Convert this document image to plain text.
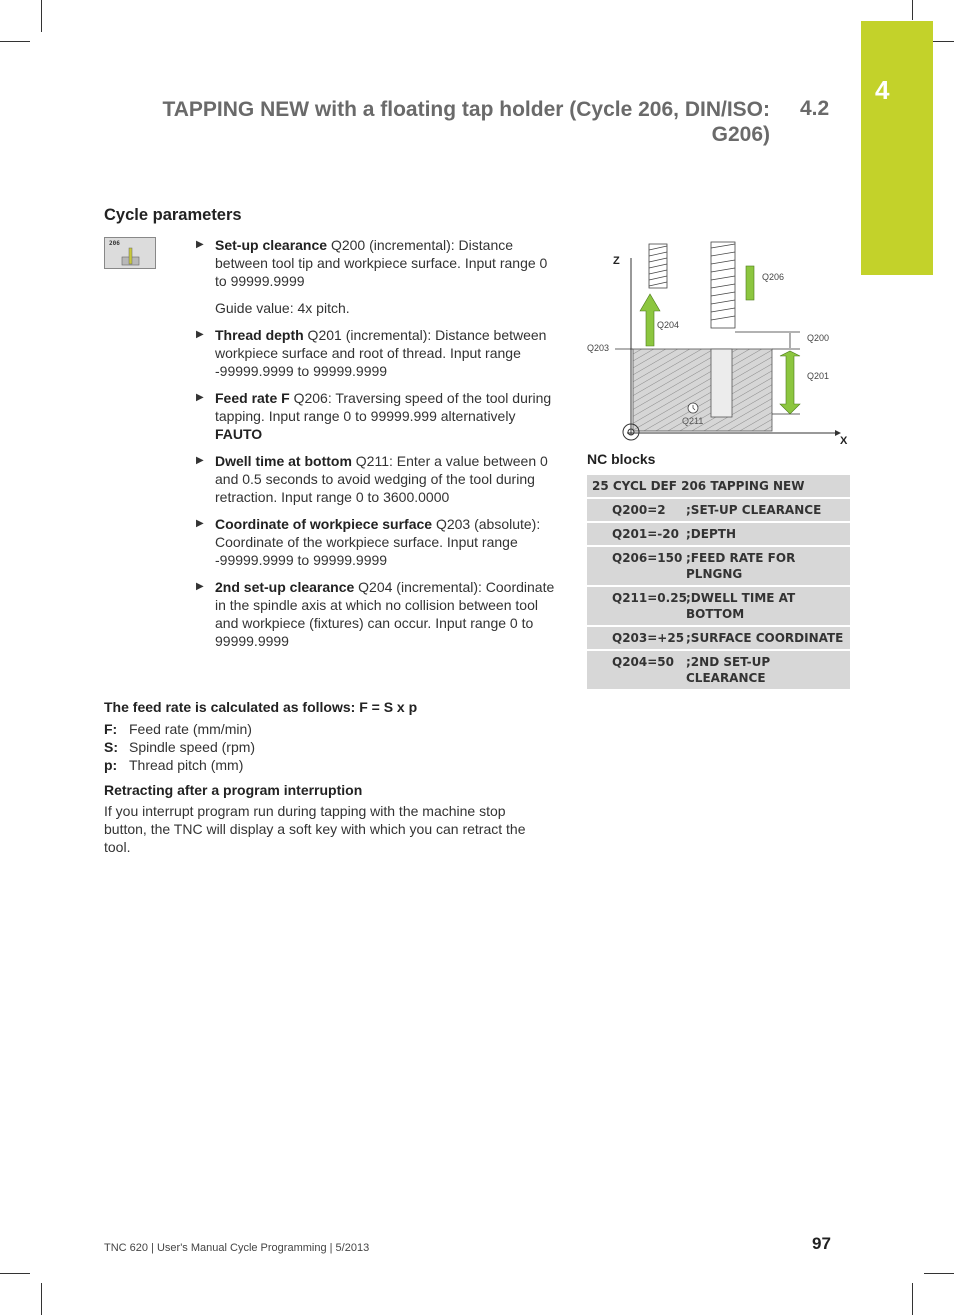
4
TAPPING NEW with a floating tap holder (Cycle 206, DIN/ISO: G206)
4.2
Cycle parameters
206	▶ Set-up clearance Q200 (incremental): Distance between tool tip and workpiece surface. Input range 0 to 99999.9999
Guide value: 4x pitch.
▶ Thread depth Q201 (incremental): Distance between workpiece surface and root of thread. Input range -99999.9999 to 99999.9999
▶ Feed rate F Q206: Traversing speed of the tool during tapping. Input range 0 to 99999.999 alternatively FAUTO
▶ Dwell time at bottom Q211: Enter a value between 0 and 0.5 seconds to avoid wedging of the tool during retraction. Input range 0 to 3600.0000
▶ Coordinate of workpiece surface Q203 (absolute): Coordinate of the workpiece surface. Input range -99999.9999 to 99999.9999
▶ 2nd set-up clearance Q204 (incremental): Coordinate in the spindle axis at which no collision between tool and workpiece (fixtures) can occur. Input range 0 to 99999.9999
Z
X
Q206
Q204
Q203
Q200
Q201
Q211
NC blocks
25 CYCL DEF 206 TAPPING NEW
Q200=2	;SET-UP CLEARANCE
Q201=-20 ;DEPTH
Q206=150 ;FEED RATE FOR PLNGNG
Q211=0.25 ;DWELL TIME AT BOTTOM
Q203=+25 ;SURFACE COORDINATE
Q204=50 ;2ND SET-UP CLEARANCE
The feed rate is calculated as follows: F = S x p
F: Feed rate (mm/min)
S: Spindle speed (rpm)
p: Thread pitch (mm)
Retracting after a program interruption

If you interrupt program run during tapping with the machine stop button, the TNC will display a soft key with which you can retract the tool.

TNC 620 | User's Manual Cycle Programming | 5/2013	97
